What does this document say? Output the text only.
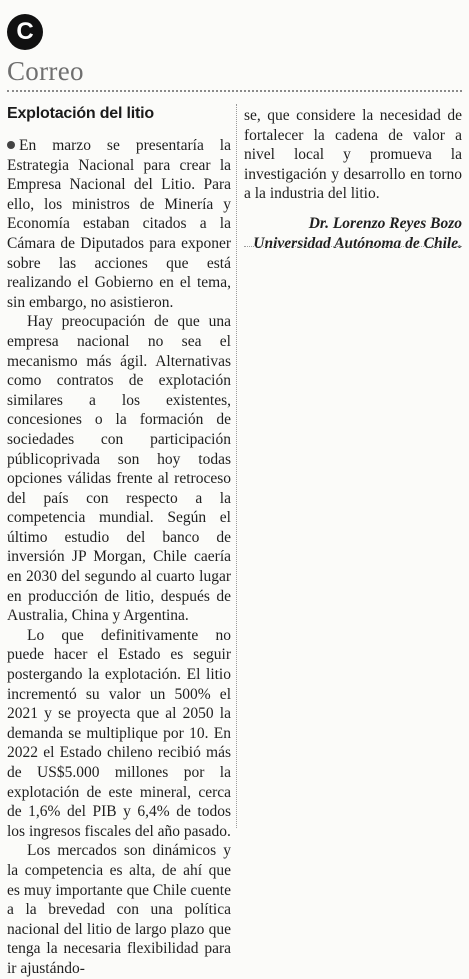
C
Correo
Explotación del litio

En marzo se presentaría la Estrategia Nacional para crear la Empresa Nacional del Litio. Para ello, los ministros de Minería y Economía estaban citados a la Cámara de Diputados para exponer sobre las acciones que está realizando el Gobierno en el tema, sin embargo, no asistieron.

Hay preocupación de que una empresa nacional no sea el mecanismo más ágil. Alternativas como contratos de explotación similares a los existentes, concesiones o la formación de sociedades con participación públicoprivada son hoy todas opciones válidas frente al retroceso del país con respecto a la competencia mundial. Según el último estudio del banco de inversión JP Morgan, Chile caería en 2030 del segundo al cuarto lugar en producción de litio, después de Australia, China y Argentina.

Lo que definitivamente no puede hacer el Estado es seguir postergando la explotación. El litio incrementó su valor un 500% el 2021 y se proyecta que al 2050 la demanda se multiplique por 10. En 2022 el Estado chileno recibió más de US$5.000 millones por la explotación de este mineral, cerca de 1,6% del PIB y 6,4% de todos los ingresos fiscales del año pasado.

Los mercados son dinámicos y la competencia es alta, de ahí que es muy importante que Chile cuente a la brevedad con una política nacional del litio de largo plazo que tenga la necesaria flexibilidad para ir ajustándo-

se, que considere la necesidad de fortalecer la cadena de valor a nivel local y promueva la investigación y desarrollo en torno a la industria del litio.

Dr. Lorenzo Reyes Bozo
Universidad Autónoma de Chile.
